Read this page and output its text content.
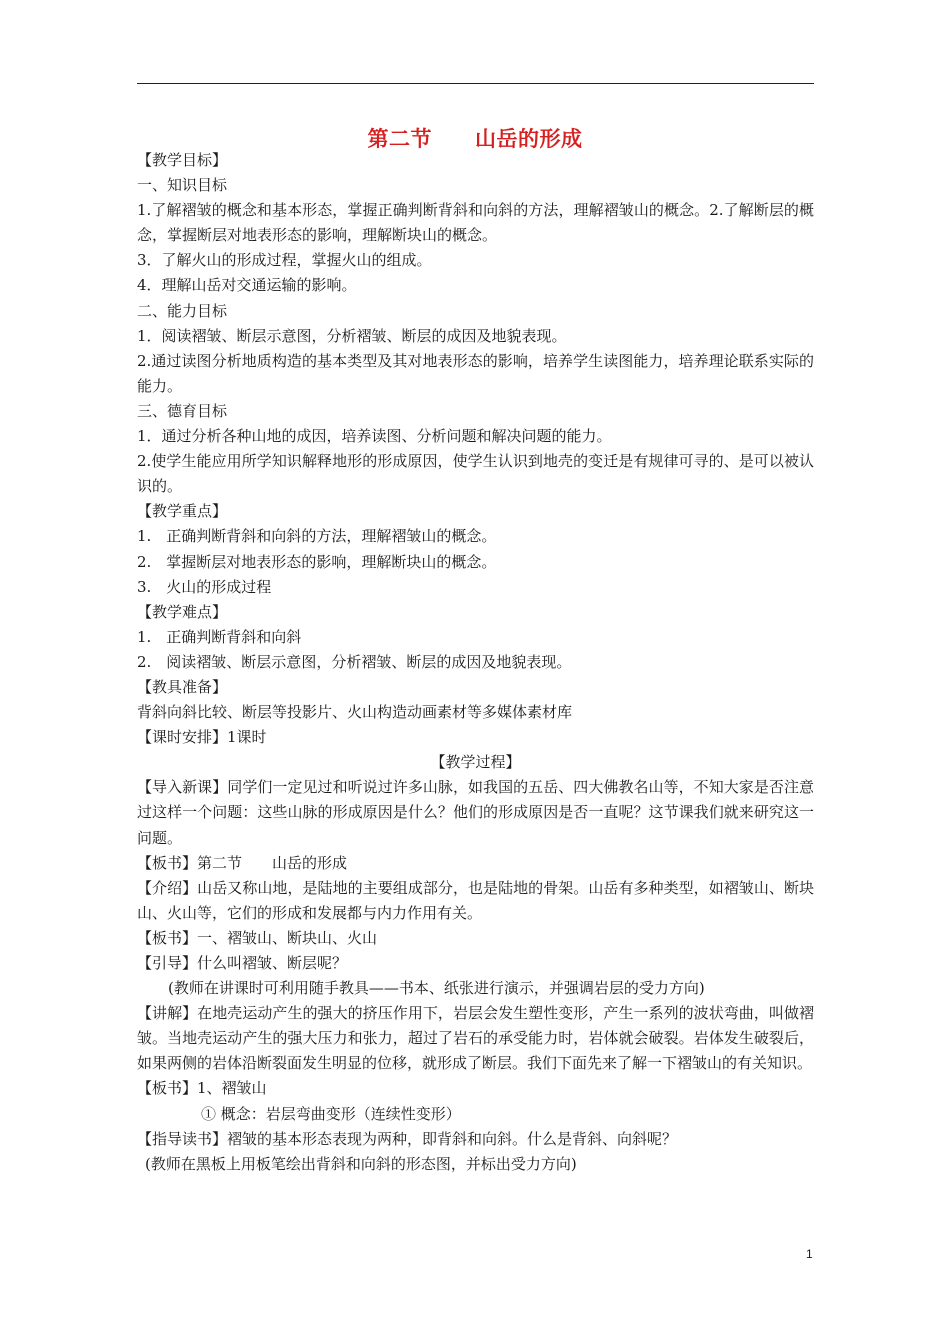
第二节　　山岳的形成

【教学目标】

一、知识目标

1.了解褶皱的概念和基本形态，掌握正确判断背斜和向斜的方法，理解褶皱山的概念。2.了解断层的概念，掌握断层对地表形态的影响，理解断块山的概念。

3．了解火山的形成过程，掌握火山的组成。

4．理解山岳对交通运输的影响。

二、能力目标

1．阅读褶皱、断层示意图，分析褶皱、断层的成因及地貌表现。

2.通过读图分析地质构造的基本类型及其对地表形态的影响，培养学生读图能力，培养理论联系实际的能力。

三、德育目标

1．通过分析各种山地的成因，培养读图、分析问题和解决问题的能力。

2.使学生能应用所学知识解释地形的形成原因，使学生认识到地壳的变迁是有规律可寻的、是可以被认识的。

【教学重点】

1.　正确判断背斜和向斜的方法，理解褶皱山的概念。

2.　掌握断层对地表形态的影响，理解断块山的概念。

3.　火山的形成过程

【教学难点】

1.　正确判断背斜和向斜

2.　阅读褶皱、断层示意图，分析褶皱、断层的成因及地貌表现。

【教具准备】

背斜向斜比较、断层等投影片、火山构造动画素材等多媒体素材库

【课时安排】1课时

【教学过程】

【导入新课】同学们一定见过和听说过许多山脉，如我国的五岳、四大佛教名山等，不知大家是否注意过这样一个问题：这些山脉的形成原因是什么？他们的形成原因是否一直呢？这节课我们就来研究这一问题。

【板书】第二节　　山岳的形成

【介绍】山岳又称山地，是陆地的主要组成部分，也是陆地的骨架。山岳有多种类型，如褶皱山、断块山、火山等，它们的形成和发展都与内力作用有关。

【板书】一、褶皱山、断块山、火山

【引导】什么叫褶皱、断层呢？

(教师在讲课时可利用随手教具——书本、纸张进行演示，并强调岩层的受力方向)

【讲解】在地壳运动产生的强大的挤压作用下，岩层会发生塑性变形，产生一系列的波状弯曲，叫做褶皱。当地壳运动产生的强大压力和张力，超过了岩石的承受能力时，岩体就会破裂。岩体发生破裂后，如果两侧的岩体沿断裂面发生明显的位移，就形成了断层。我们下面先来了解一下褶皱山的有关知识。

【板书】1、褶皱山

① 概念：岩层弯曲变形（连续性变形）

【指导读书】褶皱的基本形态表现为两种，即背斜和向斜。什么是背斜、向斜呢？

(教师在黑板上用板笔绘出背斜和向斜的形态图，并标出受力方向)

1
